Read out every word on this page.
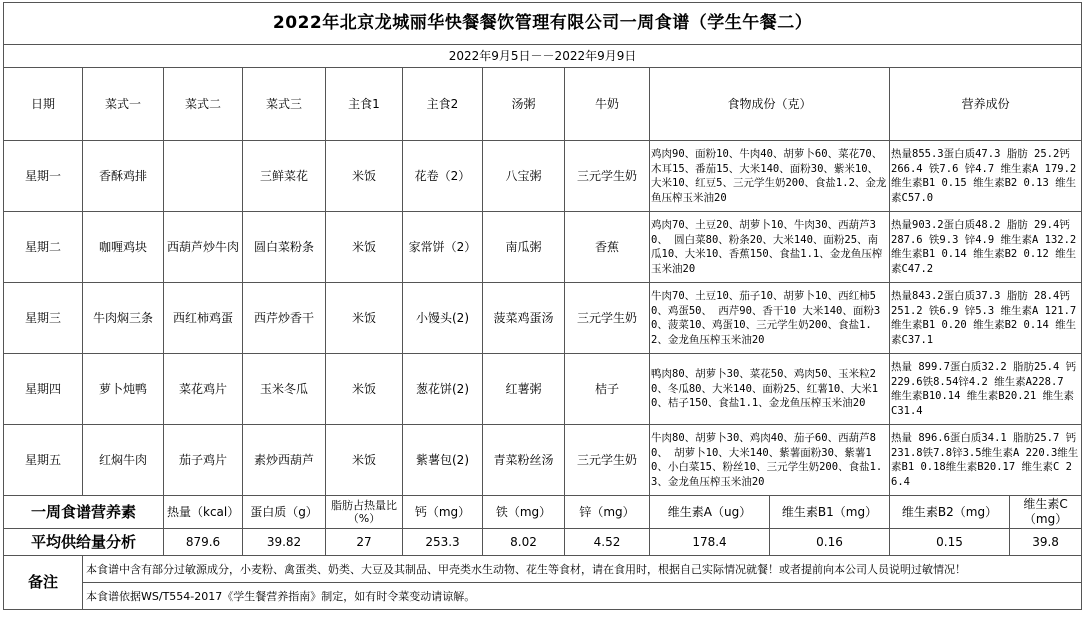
2022年北京龙城丽华快餐餐饮管理有限公司一周食谱（学生午餐二）											
2022年9月5日－－2022年9月9日											
日期	菜式一	菜式二	菜式三	主食1	主食2	汤粥	牛奶	食物成份（克）		营养成份	
星期一	香酥鸡排		三鲜菜花	米饭	花卷（2）	八宝粥	三元学生奶	鸡肉90、面粉10、牛肉40、胡萝卜60、菜花70、木耳15、番茄15、大米140、面粉30、紫米10、大米10、红豆5、三元学生奶200、食盐1.2、金龙鱼压榨玉米油20		热量855.3蛋白质47.3 脂肪 25.2钙 266.4 铁7.6 锌4.7 维生素A 179.2 维生素B1 0.15 维生素B2 0.13 维生素C57.0	
星期二	咖喱鸡块	西葫芦炒牛肉	圆白菜粉条	米饭	家常饼（2）	南瓜粥	香蕉	鸡肉70、土豆20、胡萝卜10、牛肉30、西葫芦30、 圆白菜80、粉条20、大米140、面粉25、南瓜10、大米10、香蕉150、食盐1.1、金龙鱼压榨玉米油20		热量903.2蛋白质48.2 脂肪 29.4钙 287.6 铁9.3 锌4.9 维生素A 132.2 维生素B1 0.14 维生素B2 0.12 维生素C47.2	
星期三	牛肉焖三条	西红柿鸡蛋	西芹炒香干	米饭	小馒头(2)	菠菜鸡蛋汤	三元学生奶	牛肉70、土豆10、茄子10、胡萝卜10、西红柿50、鸡蛋50、 西芹90、香干10 大米140、面粉30、菠菜10、鸡蛋10、三元学生奶200、食盐1.2、金龙鱼压榨玉米油20		热量843.2蛋白质37.3 脂肪 28.4钙 251.2 铁6.9 锌5.3 维生素A 121.7 维生素B1 0.20 维生素B2 0.14 维生素C37.1	
星期四	萝卜炖鸭	菜花鸡片	玉米冬瓜	米饭	葱花饼(2)	红薯粥	桔子	鸭肉80、胡萝卜30、菜花50、鸡肉50、玉米粒20、冬瓜80、大米140、面粉25、红薯10、大米10、桔子150、食盐1.1、金龙鱼压榨玉米油20		热量 899.7蛋白质32.2 脂肪25.4 钙229.6铁8.54锌4.2 维生素A228.7 维生素B10.14 维生素B20.21 维生素C31.4	
星期五	红焖牛肉	茄子鸡片	素炒西葫芦	米饭	紫薯包(2)	青菜粉丝汤	三元学生奶	牛肉80、胡萝卜30、鸡肉40、茄子60、西葫芦80、 胡萝卜10、大米140、紫薯面粉30、紫薯10、小白菜15、粉丝10、三元学生奶200、食盐1.3、金龙鱼压榨玉米油20		热量 896.6蛋白质34.1 脂肪25.7 钙231.8铁7.8锌3.5维生素A 220.3维生素B1 0.18维生素B20.17 维生素C 26.4	
一周食谱营养素		热量（kcal）	蛋白质（g）	脂肪占热量比（%）	钙（mg）	铁（mg）	锌（mg）	维生素A（ug）	维生素B1（mg）	维生素B2（mg）	维生素C（mg）
平均供给量分析		879.6	39.82	27	253.3	8.02	4.52	178.4	0.16	0.15	39.8
备注	本食谱中含有部分过敏源成分，小麦粉、禽蛋类、奶类、大豆及其制品、甲壳类水生动物、花生等食材，请在食用时，根据自己实际情况就餐！或者提前向本公司人员说明过敏情况！										
	本食谱依据WS/T554-2017《学生餐营养指南》制定，如有时令菜变动请谅解。										
